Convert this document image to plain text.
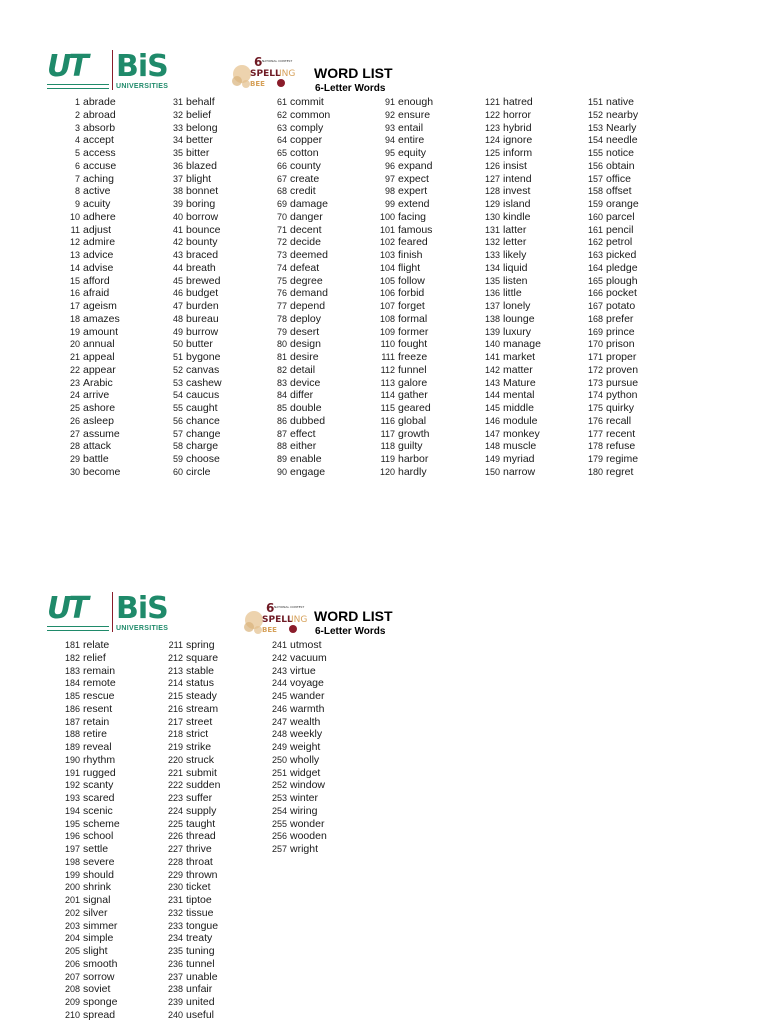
UT	BiS
UNIVERSITIES
6 NATIONAL CONTEST
SPELL
ING
BEE
WORD LIST
6-Letter Words
1 abrade
2 abroad
3 absorb
4 accept
5 access
6 accuse
7 aching
8 active
9 acuity
10 adhere
11 adjust
12 admire
13 advice
14 advise
15 afford
16 afraid
17 ageism
18 amazes
19 amount
20 annual
21 appeal
22 appear
23 Arabic
24 arrive
25 ashore
26 asleep
27 assume
28 attack
29 battle
30 become
31 behalf
32 belief
33 belong
34 better
35 bitter
36 blazed
37 blight
38 bonnet
39 boring
40 borrow
41 bounce
42 bounty
43 braced
44 breath
45 brewed
46 budget
47 burden
48 bureau
49 burrow
50 butter
51 bygone
52 canvas
53 cashew
54 caucus
55 caught
56 chance
57 change
58 charge
59 choose
60 circle
61 commit
62 common
63 comply
64 copper
65 cotton
66 county
67 create
68 credit
69 damage
70 danger
71 decent
72 decide
73 deemed
74 defeat
75 degree
76 demand
77 depend
78 deploy
79 desert
80 design
81 desire
82 detail
83 device
84 differ
85 double
86 dubbed
87 effect
88 either
89 enable
90 engage
91 enough
92 ensure
93 entail
94 entire
95 equity
96 expand
97 expect
98 expert
99 extend
100 facing
101 famous
102 feared
103 finish
104 flight
105 follow
106 forbid
107 forget
108 formal
109 former
110 fought
111 freeze
112 funnel
113 galore
114 gather
115 geared
116 global
117 growth
118 guilty
119 harbor
120 hardly
121 hatred
122 horror
123 hybrid
124 ignore
125 inform
126 insist
127 intend
128 invest
129 island
130 kindle
131 latter
132 letter
133 likely
134 liquid
135 listen
136 little
137 lonely
138 lounge
139 luxury
140 manage
141 market
142 matter
143 Mature
144 mental
145 middle
146 module
147 monkey
148 muscle
149 myriad
150 narrow
151 native
152 nearby
153 Nearly
154 needle
155 notice
156 obtain
157 office
158 offset
159 orange
160 parcel
161 pencil
162 petrol
163 picked
164 pledge
165 plough
166 pocket
167 potato
168 prefer
169 prince
170 prison
171 proper
172 proven
173 pursue
174 python
175 quirky
176 recall
177 recent
178 refuse
179 regime
180 regret
UT	BiS
UNIVERSITIES
6 NATIONAL CONTEST
SPELL
ING
BEE
WORD LIST
6-Letter Words
181 relate
182 relief
183 remain
184 remote
185 rescue
186 resent
187 retain
188 retire
189 reveal
190 rhythm
191 rugged
192 scanty
193 scared
194 scenic
195 scheme
196 school
197 settle
198 severe
199 should
200 shrink
201 signal
202 silver
203 simmer
204 simple
205 slight
206 smooth
207 sorrow
208 soviet
209 sponge
210 spread
211 spring
212 square
213 stable
214 status
215 steady
216 stream
217 street
218 strict
219 strike
220 struck
221 submit
222 sudden
223 suffer
224 supply
225 taught
226 thread
227 thrive
228 throat
229 thrown
230 ticket
231 tiptoe
232 tissue
233 tongue
234 treaty
235 tuning
236 tunnel
237 unable
238 unfair
239 united
240 useful
241 utmost
242 vacuum
243 virtue
244 voyage
245 wander
246 warmth
247 wealth
248 weekly
249 weight
250 wholly
251 widget
252 window
253 winter
254 wiring
255 wonder
256 wooden
257 wright
